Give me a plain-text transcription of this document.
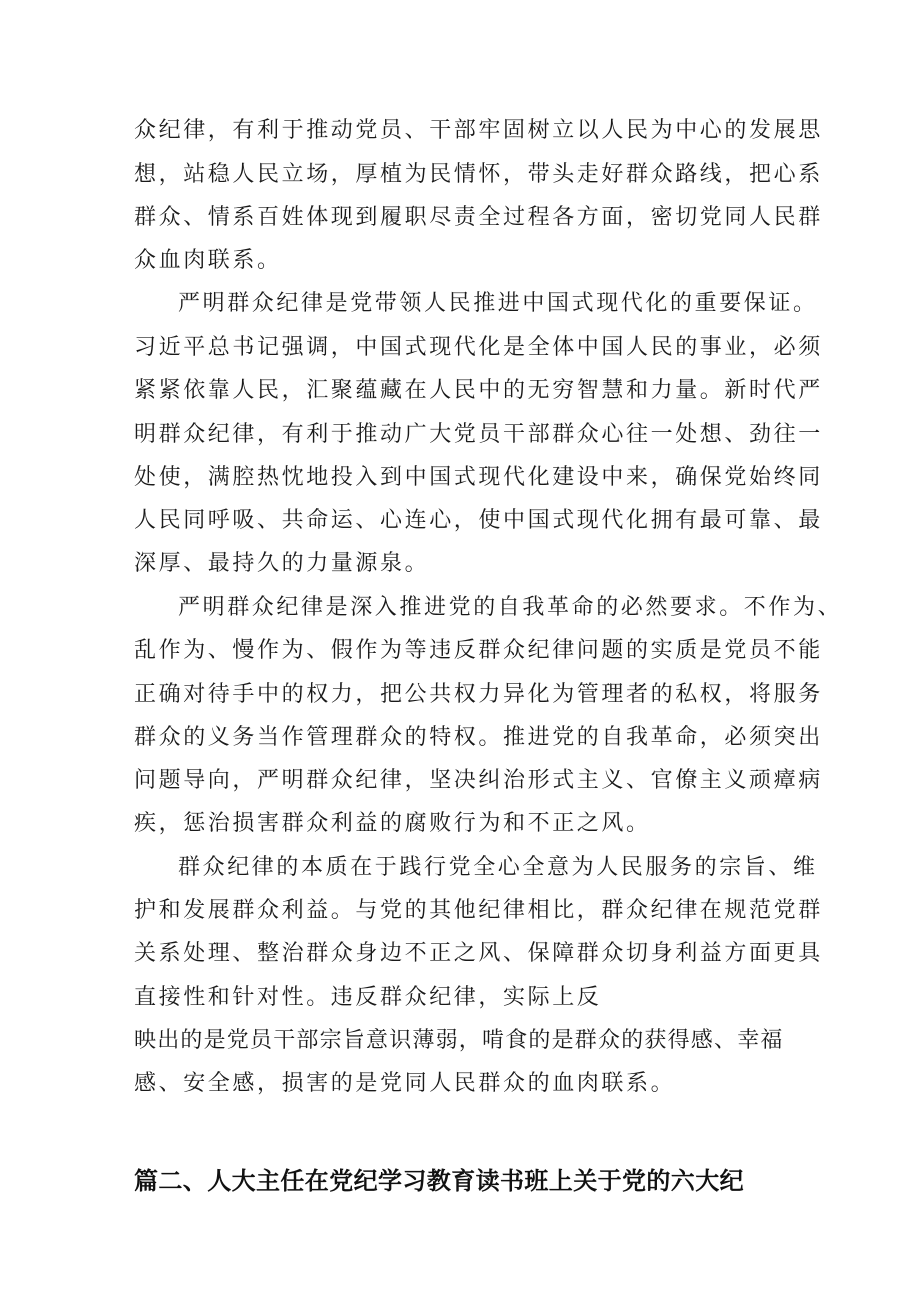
众纪律，有利于推动党员、干部牢固树立以人民为中心的发展思

想，站稳人民立场，厚植为民情怀，带头走好群众路线，把心系

群众、情系百姓体现到履职尽责全过程各方面，密切党同人民群

众血肉联系。

严明群众纪律是党带领人民推进中国式现代化的重要保证。

习近平总书记强调，中国式现代化是全体中国人民的事业，必须

紧紧依靠人民，汇聚蕴藏在人民中的无穷智慧和力量。新时代严

明群众纪律，有利于推动广大党员干部群众心往一处想、劲往一

处使，满腔热忱地投入到中国式现代化建设中来，确保党始终同

人民同呼吸、共命运、心连心，使中国式现代化拥有最可靠、最

深厚、最持久的力量源泉。

严明群众纪律是深入推进党的自我革命的必然要求。不作为、

乱作为、慢作为、假作为等违反群众纪律问题的实质是党员不能

正确对待手中的权力，把公共权力异化为管理者的私权，将服务

群众的义务当作管理群众的特权。推进党的自我革命，必须突出

问题导向，严明群众纪律，坚决纠治形式主义、官僚主义顽瘴病

疾，惩治损害群众利益的腐败行为和不正之风。

群众纪律的本质在于践行党全心全意为人民服务的宗旨、维

护和发展群众利益。与党的其他纪律相比，群众纪律在规范党群

关系处理、整治群众身边不正之风、保障群众切身利益方面更具

直接性和针对性。违反群众纪律，实际上反

映出的是党员干部宗旨意识薄弱，啃食的是群众的获得感、幸福

感、安全感，损害的是党同人民群众的血肉联系。

篇二、人大主任在党纪学习教育读书班上关于党的六大纪
